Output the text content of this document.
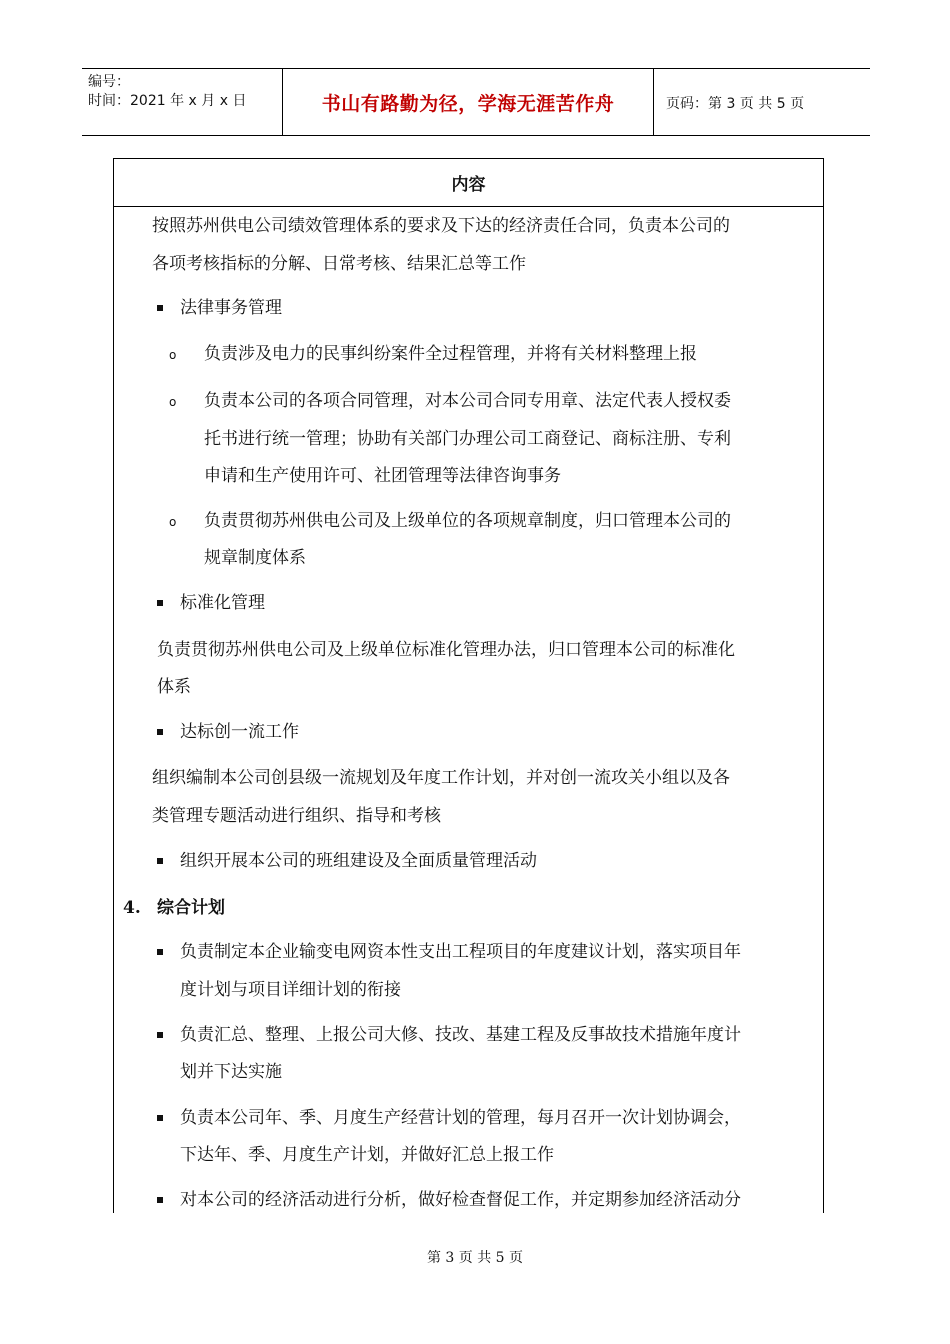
编号：
时间：2021 年 x 月 x 日	书山有路勤为径，学海无涯苦作舟	页码：第 3 页 共 5 页
内容
按照苏州供电公司绩效管理体系的要求及下达的经济责任合同，负责本公司的
各项考核指标的分解、日常考核、结果汇总等工作
法律事务管理
o 负责涉及电力的民事纠纷案件全过程管理，并将有关材料整理上报
o 负责本公司的各项合同管理，对本公司合同专用章、法定代表人授权委
托书进行统一管理；协助有关部门办理公司工商登记、商标注册、专利
申请和生产使用许可、社团管理等法律咨询事务
o 负责贯彻苏州供电公司及上级单位的各项规章制度，归口管理本公司的
规章制度体系
标准化管理
负责贯彻苏州供电公司及上级单位标准化管理办法，归口管理本公司的标准化
体系
达标创一流工作
组织编制本公司创县级一流规划及年度工作计划，并对创一流攻关小组以及各
类管理专题活动进行组织、指导和考核
组织开展本公司的班组建设及全面质量管理活动
4. 综合计划
负责制定本企业输变电网资本性支出工程项目的年度建议计划，落实项目年
度计划与项目详细计划的衔接
负责汇总、整理、上报公司大修、技改、基建工程及反事故技术措施年度计
划并下达实施
负责本公司年、季、月度生产经营计划的管理，每月召开一次计划协调会，
下达年、季、月度生产计划，并做好汇总上报工作
对本公司的经济活动进行分析，做好检查督促工作，并定期参加经济活动分
第 3 页 共 5 页
